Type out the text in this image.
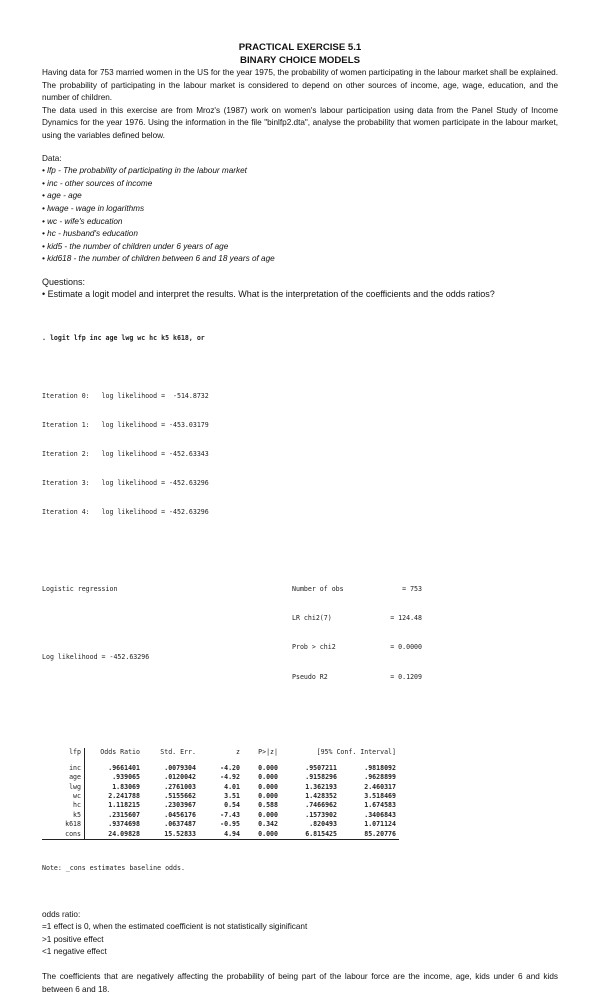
PRACTICAL EXERCISE 5.1
BINARY CHOICE MODELS

Having data for 753 married women in the US for the year 1975, the probability of women participating in the labour market shall be explained. The probability of participating in the labour market is considered to depend on other sources of income, age, wage, education, and the number of children.

The data used in this exercise are from Mroz's (1987) work on women's labour participation using data from the Panel Study of Income Dynamics for the year 1976. Using the information in the file "binlfp2.dta", analyse the probability that women participate in the labour market, using the variables defined below.

Data:
• lfp - The probability of participating in the labour market
• inc - other sources of income
• age - age
• lwage - wage in logarithms
• wc - wife's education
• hc - husband's education
• kid5 - the number of children under 6 years of age
• kid618 - the number of children between 6 and 18 years of age
Questions:
• Estimate a logit model and interpret the results. What is the interpretation of the coefficients and the odds ratios?

. logit lfp inc age lwg wc hc k5 k618, or

Iteration 0:   log likelihood =  -514.8732

Iteration 1:   log likelihood = -453.03179

Iteration 2:   log likelihood = -452.63343

Iteration 3:   log likelihood = -452.63296

Iteration 4:   log likelihood = -452.63296

Logistic regression

Log likelihood = -452.63296

Number of obs	= 753

LR chi2(7)	= 124.48

Prob > chi2	= 0.0000

Pseudo R2	= 0.1209

lfp	Odds Ratio	Std. Err.	z	P>|z|	[95% Conf. Interval]	

inc	.9661401	.0079304	-4.20	0.000	.9507211	.9818092
age	.939065	.0120042	-4.92	0.000	.9158296	.9628899
lwg	1.83069	.2761003	4.01	0.000	1.362193	2.460317
wc	2.241788	.5155662	3.51	0.000	1.428352	3.518469
hc	1.118215	.2303967	0.54	0.588	.7466962	1.674583
k5	.2315607	.0456176	-7.43	0.000	.1573902	.3406843
k618	.9374698	.0637487	-0.95	0.342	.820493	1.071124
cons	24.09828	15.52833	4.94	0.000	6.815425	85.20776

Note: _cons estimates baseline odds.

odds ratio:
=1 effect is 0, when the estimated coefficient is not statistically siginificant
>1 positive effect
<1 negative effect

The coefficients that are negatively affecting the probability of being part of the labour force are the income, age, kids under 6 and kids between 6 and 18.
